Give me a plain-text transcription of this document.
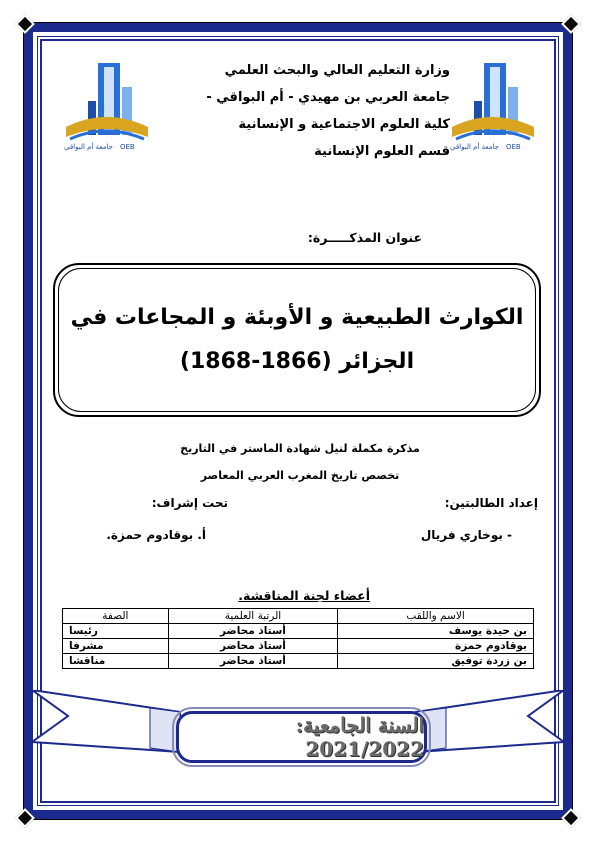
جامعة أم البواقي OEB	جامعة أم البواقي OEB
وزارة التعليم العالي والبحث العلمي
جامعة العربي بن مهيدي - أم البواقي -
كلية العلوم الاجتماعية و الإنسانية
قسم العلوم الإنسانية
عنوان المذكـــــرة:
الكوارث الطبيعية و الأوبئة و المجاعات في
الجزائر (1866-1868)
مذكرة مكملة لنيل شهادة الماستر في التاريخ
تخصص تاريخ المغرب العربي المعاصر
إعداد الطالبتين:
تحت إشراف:
- بوخاري فريال
أ. بوقادوم حمزة.
أعضاء لجنة المناقشة.
الاسم واللقب	الرتبة العلمية	الصفة
بن حيدة يوسف	أستاذ محاضر	رئيسا
بوقادوم حمزة	أستاذ محاضر	مشرفا
بن زردة توفيق	أستاذ محاضر	مناقشا
السنة الجامعية: 2021/2022
